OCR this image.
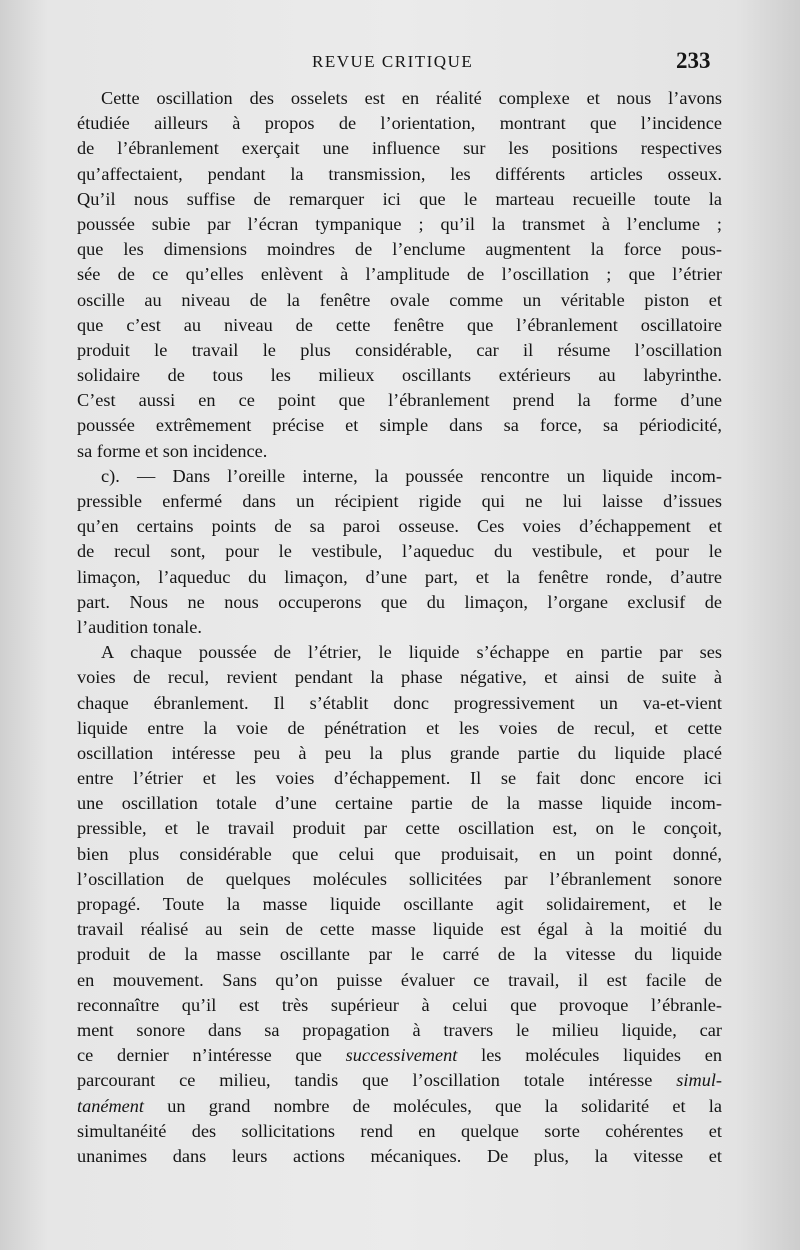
REVUE CRITIQUE	233
Cette oscillation des osselets est en réalité complexe et nous l’avons
étudiée ailleurs à propos de l’orientation, montrant que l’incidence
de l’ébranlement exerçait une influence sur les positions respectives
qu’affectaient, pendant la transmission, les différents articles osseux.
Qu’il nous suffise de remarquer ici que le marteau recueille toute la
poussée subie par l’écran tympanique ; qu’il la transmet à l’enclume ;
que les dimensions moindres de l’enclume augmentent la force pous-
sée de ce qu’elles enlèvent à l’amplitude de l’oscillation ; que l’étrier
oscille au niveau de la fenêtre ovale comme un véritable piston et
que c’est au niveau de cette fenêtre que l’ébranlement oscillatoire
produit le travail le plus considérable, car il résume l’oscillation
solidaire de tous les milieux oscillants extérieurs au labyrinthe.
C’est aussi en ce point que l’ébranlement prend la forme d’une
poussée extrêmement précise et simple dans sa force, sa périodicité,
sa forme et son incidence.
c). — Dans l’oreille interne, la poussée rencontre un liquide incom-
pressible enfermé dans un récipient rigide qui ne lui laisse d’issues
qu’en certains points de sa paroi osseuse. Ces voies d’échappement et
de recul sont, pour le vestibule, l’aqueduc du vestibule, et pour le
limaçon, l’aqueduc du limaçon, d’une part, et la fenêtre ronde, d’autre
part. Nous ne nous occuperons que du limaçon, l’organe exclusif de
l’audition tonale.
A chaque poussée de l’étrier, le liquide s’échappe en partie par ses
voies de recul, revient pendant la phase négative, et ainsi de suite à
chaque ébranlement. Il s’établit donc progressivement un va-et-vient
liquide entre la voie de pénétration et les voies de recul, et cette
oscillation intéresse peu à peu la plus grande partie du liquide placé
entre l’étrier et les voies d’échappement. Il se fait donc encore ici
une oscillation totale d’une certaine partie de la masse liquide incom-
pressible, et le travail produit par cette oscillation est, on le conçoit,
bien plus considérable que celui que produisait, en un point donné,
l’oscillation de quelques molécules sollicitées par l’ébranlement sonore
propagé. Toute la masse liquide oscillante agit solidairement, et le
travail réalisé au sein de cette masse liquide est égal à la moitié du
produit de la masse oscillante par le carré de la vitesse du liquide
en mouvement. Sans qu’on puisse évaluer ce travail, il est facile de
reconnaître qu’il est très supérieur à celui que provoque l’ébranle-
ment sonore dans sa propagation à travers le milieu liquide, car
ce dernier n’intéresse que successivement les molécules liquides en
parcourant ce milieu, tandis que l’oscillation totale intéresse simul-
tanément un grand nombre de molécules, que la solidarité et la
simultanéité des sollicitations rend en quelque sorte cohérentes et
unanimes dans leurs actions mécaniques. De plus, la vitesse et
